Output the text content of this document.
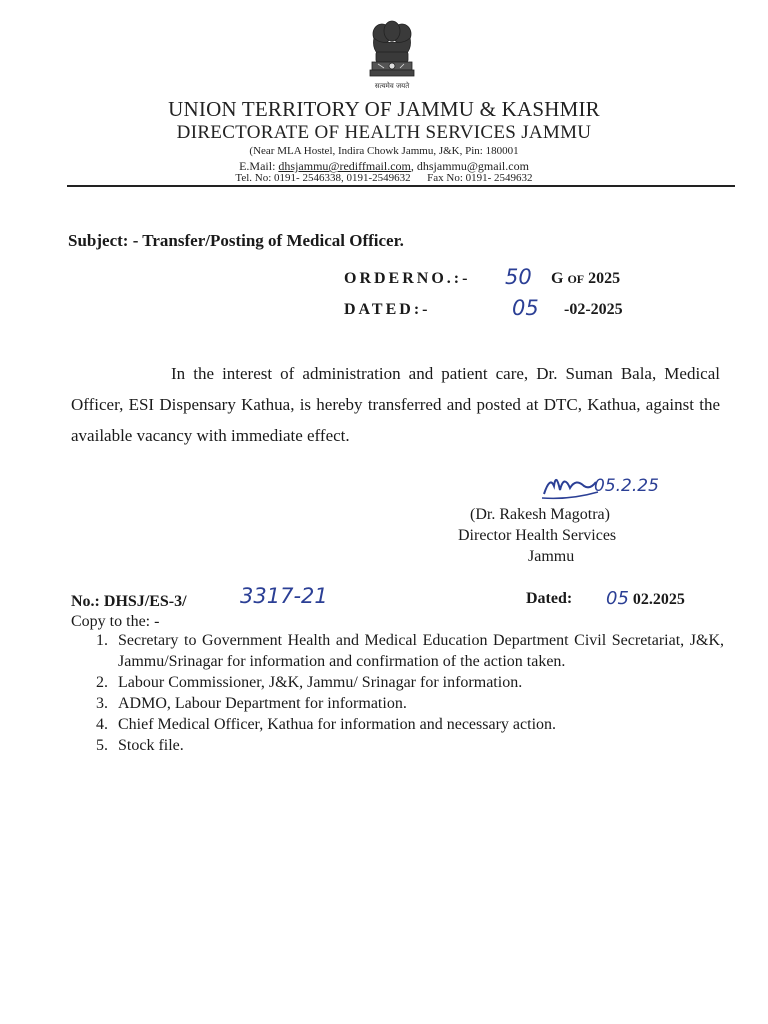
सत्यमेव जयते
UNION TERRITORY OF JAMMU & KASHMIR
DIRECTORATE OF HEALTH SERVICES JAMMU
(Near MLA Hostel, Indira Chowk Jammu, J&K, Pin: 180001
E.Mail: dhsjammu@rediffmail.com, dhsjammu@gmail.com
Tel. No: 0191- 2546338, 0191-2549632      Fax No: 0191- 2549632
Subject: - Transfer/Posting of Medical Officer.
ORDERNO.:- 50 G OF 2025
DATED:-	05 -02-2025
In the interest of administration and patient care, Dr. Suman Bala, Medical Officer, ESI Dispensary Kathua, is hereby transferred and posted at DTC, Kathua, against the available vacancy with immediate effect.
05.2.25
(Dr. Rakesh Magotra)
Director Health Services
Jammu
No.: DHSJ/ES-3/	3317-21	Dated: 05 02.2025
Copy to the: -
1. Secretary to Government Health and Medical Education Department Civil Secretariat, J&K, Jammu/Srinagar for information and confirmation of the action taken.
2. Labour Commissioner, J&K, Jammu/ Srinagar for information.
3. ADMO, Labour Department for information.
4. Chief Medical Officer, Kathua for information and necessary action.
5. Stock file.
